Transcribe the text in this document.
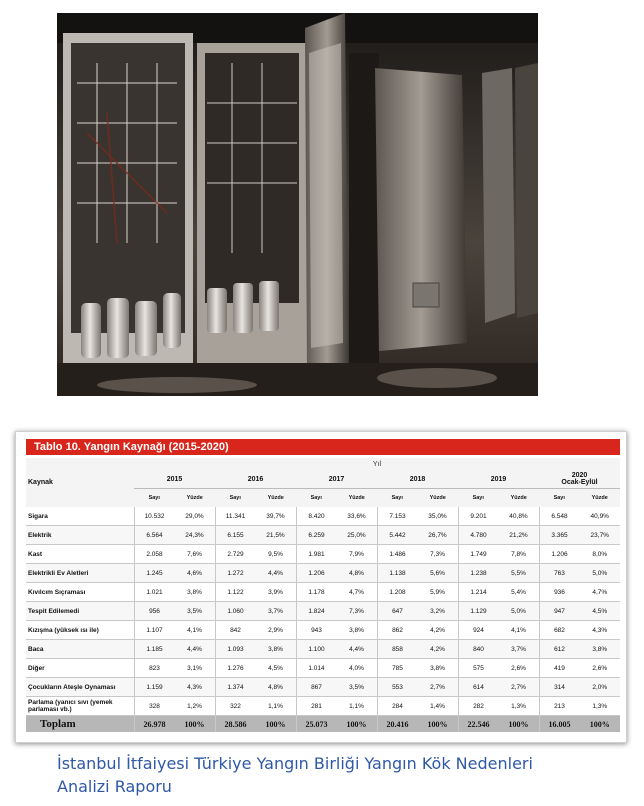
Tablo 10. Yangın Kaynağı (2015-2020)
Kaynak	Yıl											
	2015		2016		2017		2018		2019		2020
Ocak-Eylül	

	Sayı	Yüzde	Sayı	Yüzde	Sayı	Yüzde	Sayı	Yüzde	Sayı	Yüzde	Sayı	Yüzde
Sigara	10.532	29,0%	11.341	39,7%	8.420	33,6%	7.153	35,0%	9.201	40,8%	6.548	40,9%
Elektrik	6.564	24,3%	6.155	21,5%	6.259	25,0%	5.442	26,7%	4.780	21,2%	3.365	23,7%
Kast	2.058	7,6%	2.729	9,5%	1.981	7,9%	1.486	7,3%	1.749	7,8%	1.206	8,0%
Elektrikli Ev Aletleri	1.245	4,6%	1.272	4,4%	1.206	4,8%	1.138	5,6%	1.238	5,5%	763	5,0%
Kıvılcım Sıçraması	1.021	3,8%	1.122	3,9%	1.178	4,7%	1.208	5,9%	1.214	5,4%	936	4,7%
Tespit Edilemedi	956	3,5%	1.060	3,7%	1.824	7,3%	647	3,2%	1.129	5,0%	947	4,5%
Kızışma (yüksek ısı ile)	1.107	4,1%	842	2,9%	943	3,8%	862	4,2%	924	4,1%	682	4,3%
Baca	1.185	4,4%	1.093	3,8%	1.100	4,4%	858	4,2%	840	3,7%	612	3,8%
Diğer	823	3,1%	1.276	4,5%	1.014	4,0%	785	3,8%	575	2,6%	419	2,6%
Çocukların Ateşle Oynaması	1.159	4,3%	1.374	4,8%	867	3,5%	553	2,7%	614	2,7%	314	2,0%
Parlama (yanıcı sıvı (yemek parlaması vb.)	328	1,2%	322	1,1%	281	1,1%	284	1,4%	282	1,3%	213	1,3%
Toplam	26.978	100%	28.586	100%	25.073	100%	20.416	100%	22.546	100%	16.005	100%
İstanbul İtfaiyesi Türkiye Yangın Birliği Yangın Kök Nedenleri
Analizi Raporu
